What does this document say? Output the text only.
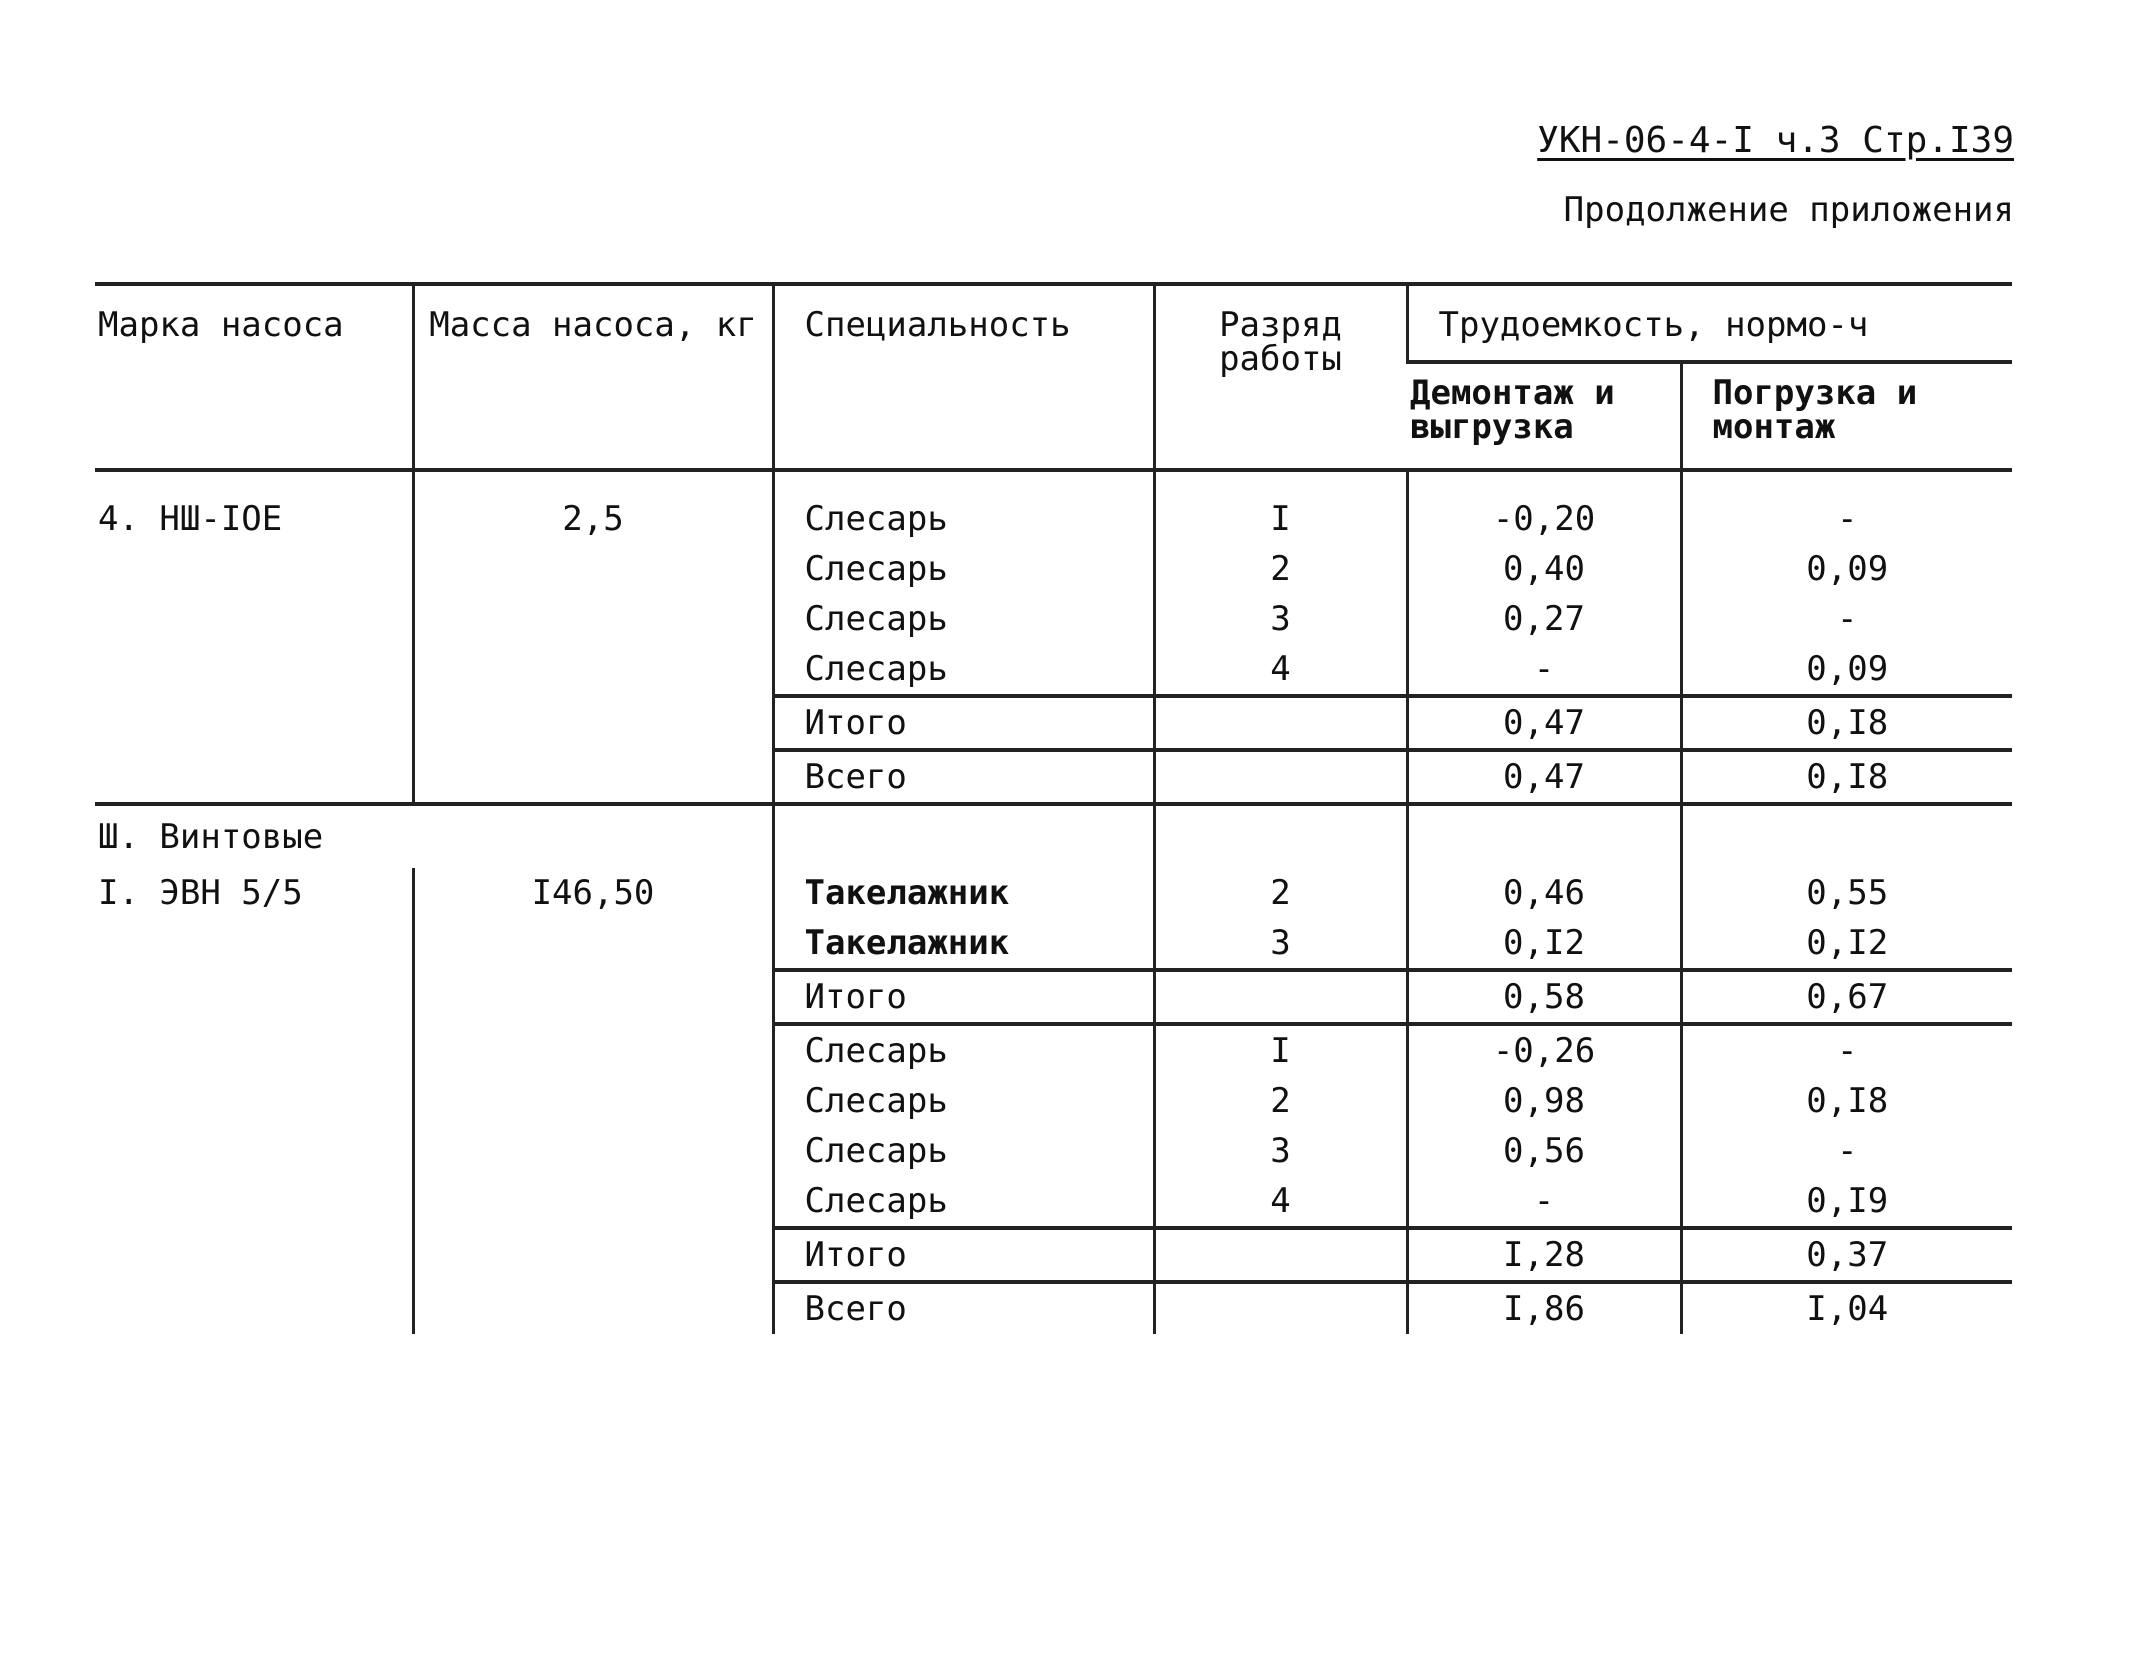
УКН-06-4-I ч.3 Стр.I39
Продолжение приложения
Марка насоса	Масса насоса, кг	Специальность	Разряд работы	Трудоемкость, нормо-ч	
				Демонтаж и выгрузка	Погрузка и монтаж

4. НШ-IOE	2,5	Слесарь	I	-0,20	-
		Слесарь	2	0,40	0,09
		Слесарь	3	0,27	-
		Слесарь	4	-	0,09
		Итого		0,47	0,I8
		Всего		0,47	0,I8
Ш. Винтовые					
I. ЭВН 5/5	I46,50	Такелажник	2	0,46	0,55
		Такелажник	3	0,I2	0,I2
		Итого		0,58	0,67
		Слесарь	I	-0,26	-
		Слесарь	2	0,98	0,I8
		Слесарь	3	0,56	-
		Слесарь	4	-	0,I9
		Итого		I,28	0,37
		Всего		I,86	I,04
